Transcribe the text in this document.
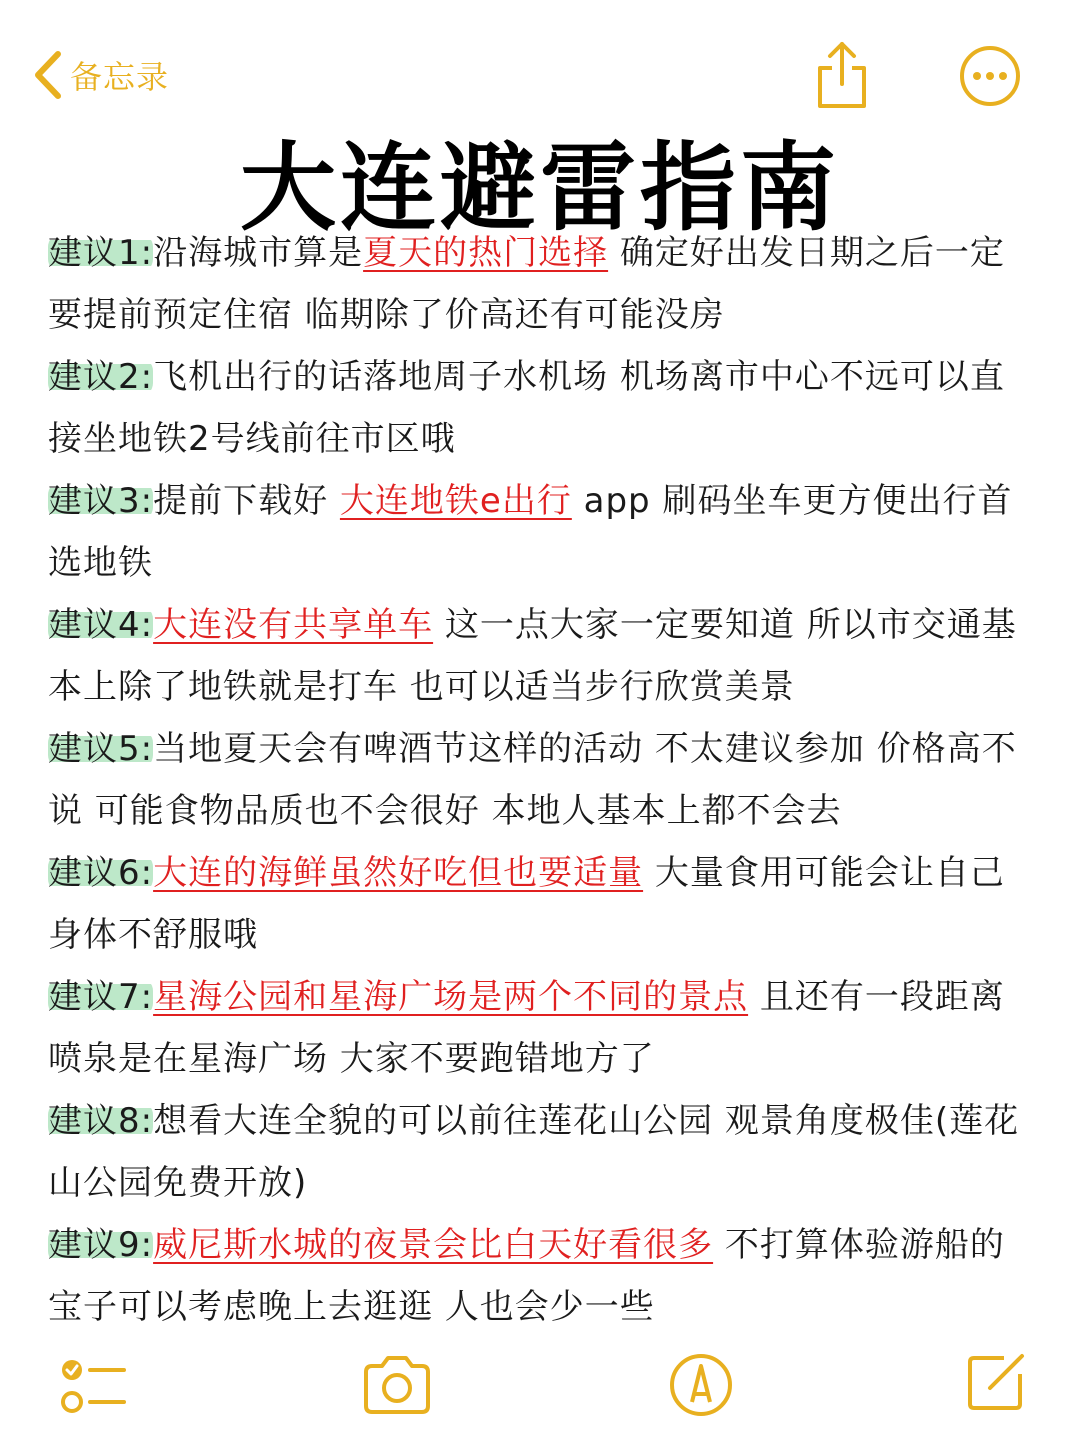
备忘录
大连避雷指南
建议1:沿海城市算是夏天的热门选择 确定好出发日期之后一定要提前预定住宿 临期除了价高还有可能没房
建议2:飞机出行的话落地周子水机场 机场离市中心不远可以直接坐地铁2号线前往市区哦
建议3:提前下载好 大连地铁e出行 app 刷码坐车更方便出行首选地铁
建议4:大连没有共享单车 这一点大家一定要知道 所以市交通基本上除了地铁就是打车 也可以适当步行欣赏美景
建议5:当地夏天会有啤酒节这样的活动 不太建议参加 价格高不说 可能食物品质也不会很好 本地人基本上都不会去
建议6:大连的海鲜虽然好吃但也要适量 大量食用可能会让自己身体不舒服哦
建议7:星海公园和星海广场是两个不同的景点 且还有一段距离 喷泉是在星海广场 大家不要跑错地方了
建议8:想看大连全貌的可以前往莲花山公园 观景角度极佳(莲花山公园免费开放)
建议9:威尼斯水城的夜景会比白天好看很多 不打算体验游船的宝子可以考虑晚上去逛逛 人也会少一些
